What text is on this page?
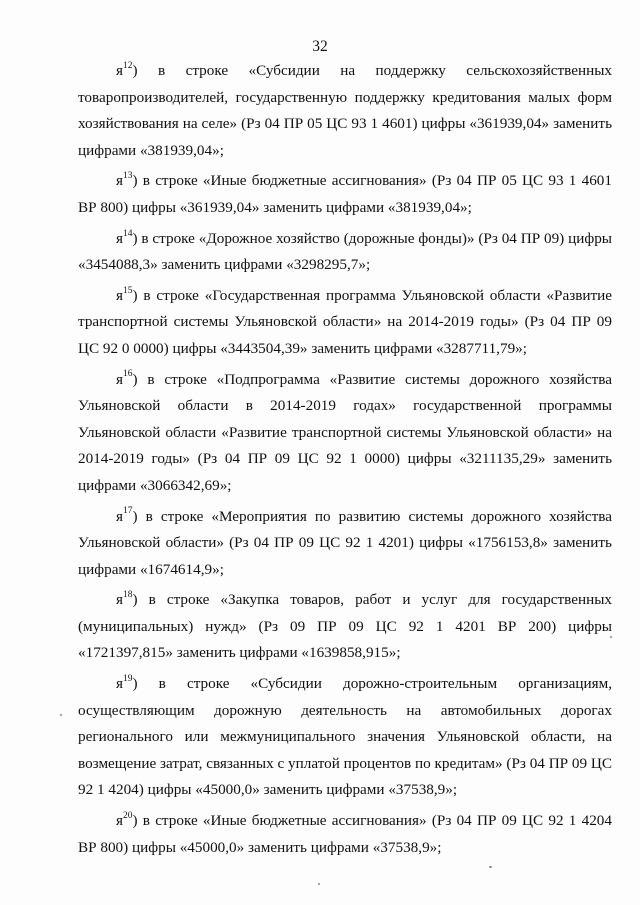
32

$я^{12}$) в строке «Субсидии на поддержку сельскохозяйственных товаропроизводителей, государственную поддержку кредитования малых форм хозяйствования на селе» (Рз 04 ПР 05 ЦС 93 1 4601) цифры «361939,04» заменить цифрами «381939,04»;

$я^{13}$) в строке «Иные бюджетные ассигнования» (Рз 04 ПР 05 ЦС 93 1 4601 ВР 800) цифры «361939,04» заменить цифрами «381939,04»;

$я^{14}$) в строке «Дорожное хозяйство (дорожные фонды)» (Рз 04 ПР 09) цифры «3454088,3» заменить цифрами «3298295,7»;

$я^{15}$) в строке «Государственная программа Ульяновской области «Развитие транспортной системы Ульяновской области» на 2014-2019 годы» (Рз 04 ПР 09 ЦС 92 0 0000) цифры «3443504,39» заменить цифрами «3287711,79»;

$я^{16}$) в строке «Подпрограмма «Развитие системы дорожного хозяйства Ульяновской области в 2014-2019 годах» государственной программы Ульяновской области «Развитие транспортной системы Ульяновской области» на 2014-2019 годы» (Рз 04 ПР 09 ЦС 92 1 0000) цифры «3211135,29» заменить цифрами «3066342,69»;

$я^{17}$) в строке «Мероприятия по развитию системы дорожного хозяйства Ульяновской области» (Рз 04 ПР 09 ЦС 92 1 4201) цифры «1756153,8» заменить цифрами «1674614,9»;

$я^{18}$) в строке «Закупка товаров, работ и услуг для государственных (муниципальных) нужд» (Рз 09 ПР 09 ЦС 92 1 4201 ВР 200) цифры «1721397,815» заменить цифрами «1639858,915»;

$я^{19}$) в строке «Субсидии дорожно-строительным организациям, осуществляющим дорожную деятельность на автомобильных дорогах регионального или межмуниципального значения Ульяновской области, на возмещение затрат, связанных с уплатой процентов по кредитам» (Рз 04 ПР 09 ЦС 92 1 4204) цифры «45000,0» заменить цифрами «37538,9»;

$я^{20}$) в строке «Иные бюджетные ассигнования» (Рз 04 ПР 09 ЦС 92 1 4204 ВР 800) цифры «45000,0» заменить цифрами «37538,9»;
